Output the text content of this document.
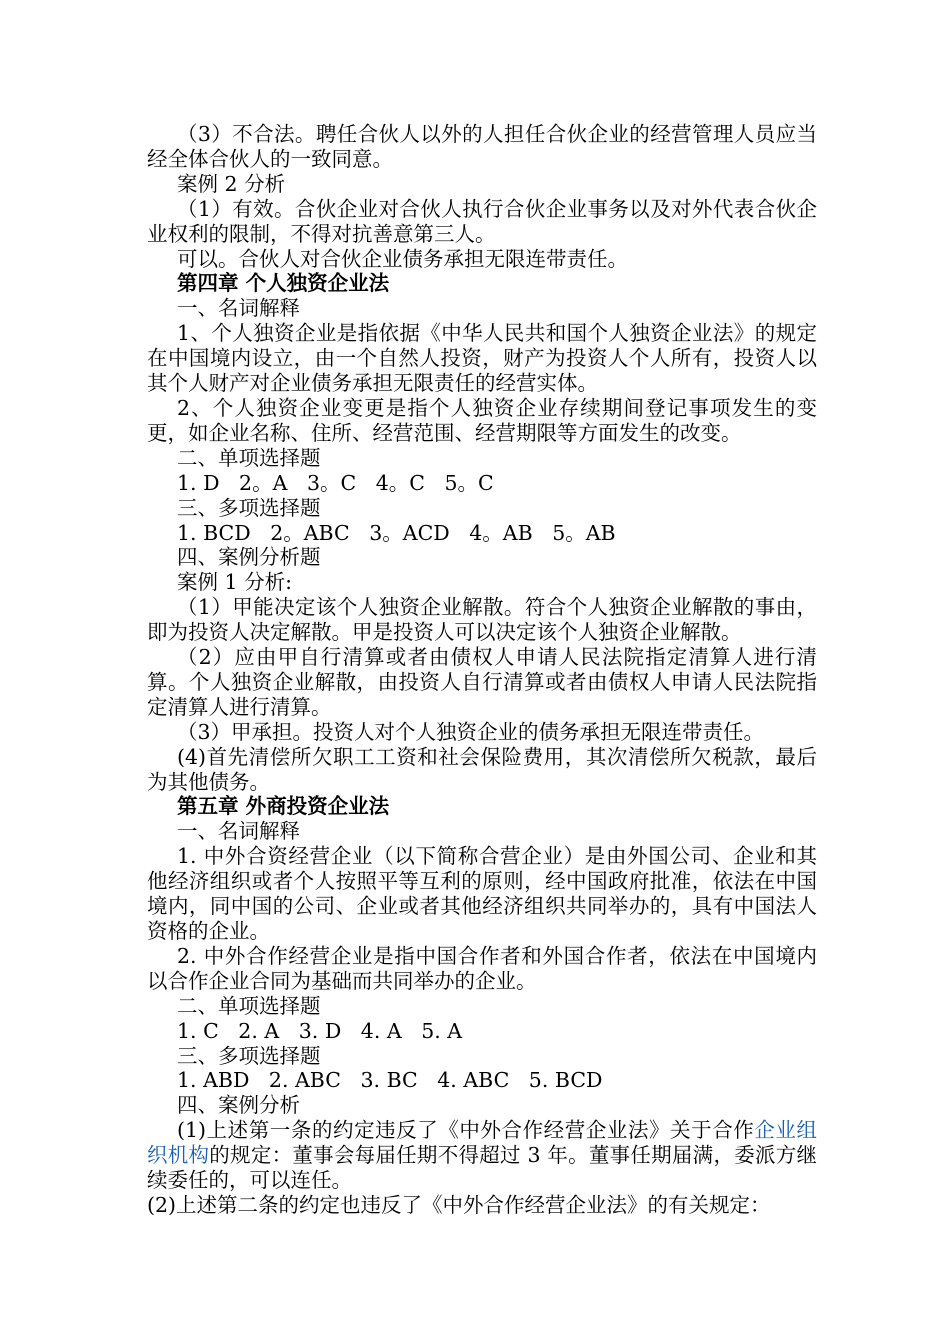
（3）不合法。聘任合伙人以外的人担任合伙企业的经营管理人员应当经全体合伙人的一致同意。

案例 2 分析

（1）有效。合伙企业对合伙人执行合伙企业事务以及对外代表合伙企业权利的限制，不得对抗善意第三人。

可以。合伙人对合伙企业债务承担无限连带责任。

第四章 个人独资企业法

一、名词解释

1、个人独资企业是指依据《中华人民共和国个人独资企业法》的规定在中国境内设立，由一个自然人投资，财产为投资人个人所有，投资人以其个人财产对企业债务承担无限责任的经营实体。

2、个人独资企业变更是指个人独资企业存续期间登记事项发生的变更，如企业名称、住所、经营范围、经营期限等方面发生的改变。

二、单项选择题

1. D   2。A   3。C   4。C   5。C

三、多项选择题

1. BCD   2。ABC   3。ACD   4。AB   5。AB

四、案例分析题

案例 1 分析:

（1）甲能决定该个人独资企业解散。符合个人独资企业解散的事由，即为投资人决定解散。甲是投资人可以决定该个人独资企业解散。

（2）应由甲自行清算或者由债权人申请人民法院指定清算人进行清算。个人独资企业解散，由投资人自行清算或者由债权人申请人民法院指定清算人进行清算。

（3）甲承担。投资人对个人独资企业的债务承担无限连带责任。

(4)首先清偿所欠职工工资和社会保险费用，其次清偿所欠税款，最后为其他债务。

第五章 外商投资企业法

一、名词解释

1. 中外合资经营企业（以下简称合营企业）是由外国公司、企业和其他经济组织或者个人按照平等互利的原则，经中国政府批准，依法在中国境内，同中国的公司、企业或者其他经济组织共同举办的，具有中国法人资格的企业。

2. 中外合作经营企业是指中国合作者和外国合作者，依法在中国境内以合作企业合同为基础而共同举办的企业。

二、单项选择题

1. C   2. A   3. D   4. A   5. A

三、多项选择题

1. ABD   2. ABC   3. BC   4. ABC   5. BCD

四、案例分析

(1)上述第一条的约定违反了《中外合作经营企业法》关于合作企业组织机构的规定：董事会每届任期不得超过 3 年。董事任期届满，委派方继续委任的，可以连任。

(2)上述第二条的约定也违反了《中外合作经营企业法》的有关规定：
